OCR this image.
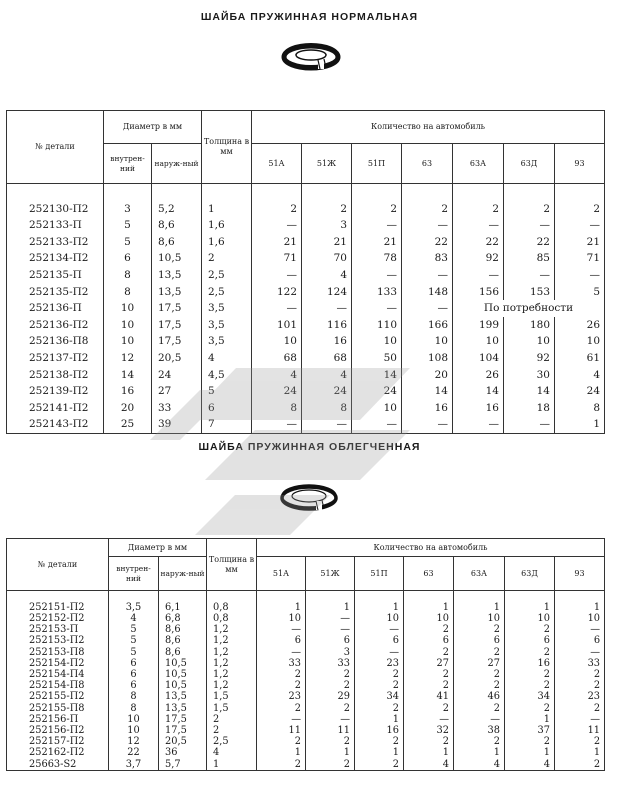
ШАЙБА ПРУЖИННАЯ НОРМАЛЬНАЯ
№ детали	Диаметр в мм		Толщина в мм	Количество на автомобиль						
	внутрен-ний	наруж-ный		51А	51Ж	51П	63	63А	63Д	93

252130-П2	3	5,2	1	2	2	2	2	2	2	2
252133-П	5	8,6	1,6	—	3	—	—	—	—	—
252133-П2	5	8,6	1,6	21	21	21	22	22	22	21
252134-П2	6	10,5	2	71	70	78	83	92	85	71
252135-П	8	13,5	2,5	—	4	—	—	—	—	—
252135-П2	8	13,5	2,5	122	124	133	148	156	153	5
252136-П	10	17,5	3,5	—	—	—	—	По потребности		
252136-П2	10	17,5	3,5	101	116	110	166	199	180	26
252136-П8	10	17,5	3,5	10	16	10	10	10	10	10
252137-П2	12	20,5	4	68	68	50	108	104	92	61
252138-П2	14	24	4,5	4	4	14	20	26	30	4
252139-П2	16	27	5	24	24	24	14	14	14	24
252141-П2	20	33	6	8	8	10	16	16	18	8
252143-П2	25	39	7	—	—	—	—	—	—	1
ШАЙБА ПРУЖИННАЯ ОБЛЕГЧЕННАЯ
№ детали	Диаметр в мм		Толщина в мм	Количество на автомобиль						
	внутрен-ний	наруж-ный		51А	51Ж	51П	63	63А	63Д	93

252151-П2	3,5	6,1	0,8	1	1	1	1	1	1	1
252152-П2	4	6,8	0,8	10	—	10	10	10	10	10
252153-П	5	8,6	1,2	—	—	—	2	2	2	—
252153-П2	5	8,6	1,2	6	6	6	6	6	6	6
252153-П8	5	8,6	1,2	—	3	—	2	2	2	—
252154-П2	6	10,5	1,2	33	33	23	27	27	16	33
252154-П4	6	10,5	1,2	2	2	2	2	2	2	2
252154-П8	6	10,5	1,2	2	2	2	2	2	2	2
252155-П2	8	13,5	1,5	23	29	34	41	46	34	23
252155-П8	8	13,5	1,5	2	2	2	2	2	2	2
252156-П	10	17,5	2	—	—	1	—	—	1	—
252156-П2	10	17,5	2	11	11	16	32	38	37	11
252157-П2	12	20,5	2,5	2	2	2	2	2	2	2
252162-П2	22	36	4	1	1	1	1	1	1	1
25663-S2	3,7	5,7	1	2	2	2	4	4	4	2
